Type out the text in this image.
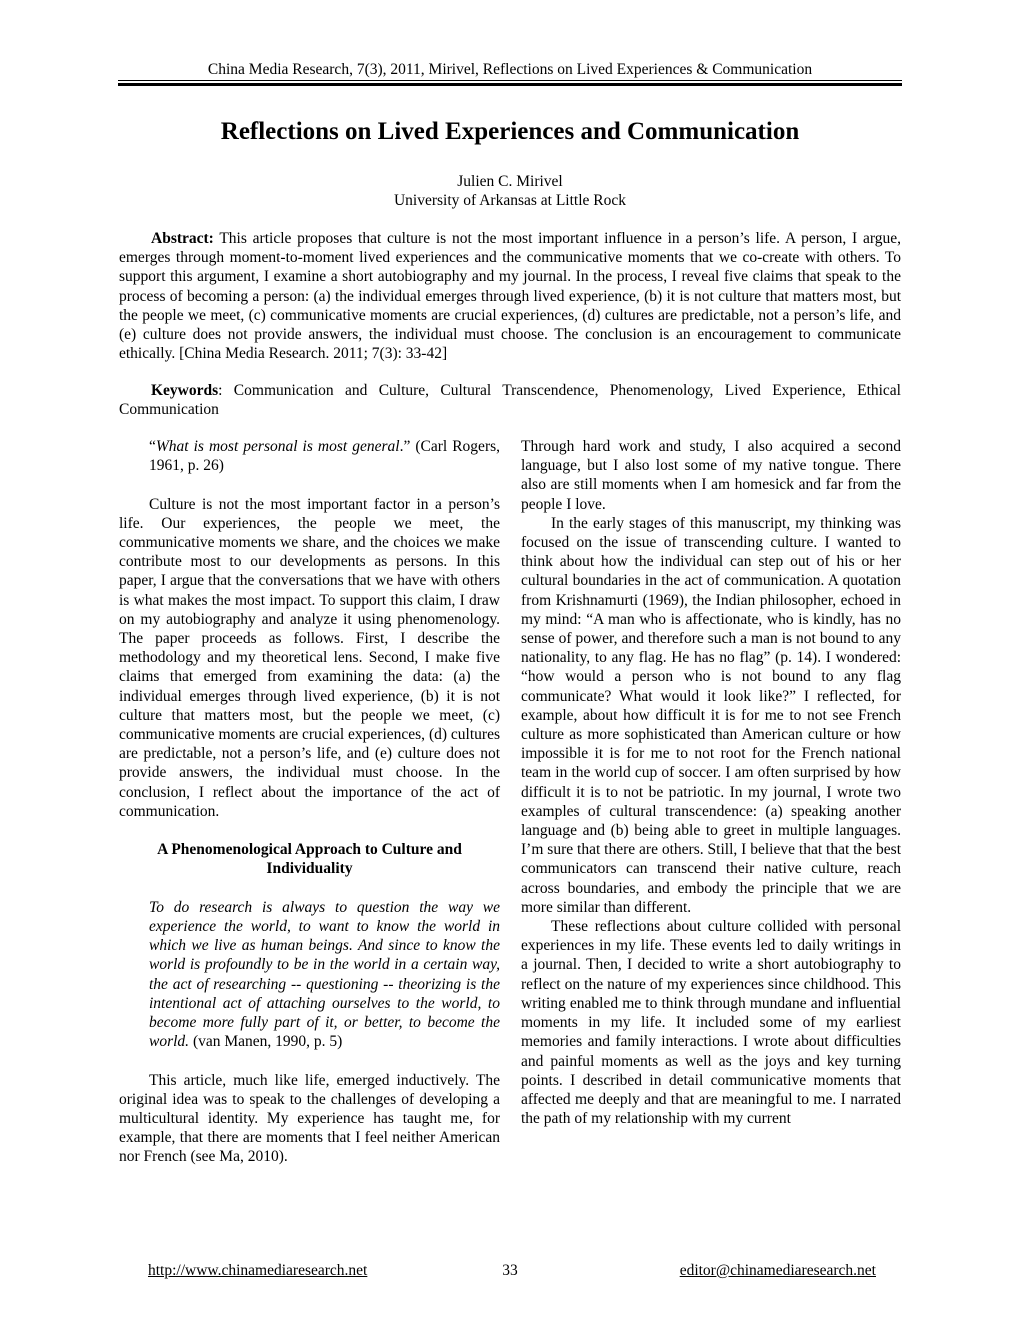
China Media Research, 7(3), 2011, Mirivel, Reflections on Lived Experiences & Communication
Reflections on Lived Experiences and Communication
Julien C. Mirivel
University of Arkansas at Little Rock
Abstract: This article proposes that culture is not the most important influence in a person’s life. A person, I argue, emerges through moment-to-moment lived experiences and the communicative moments that we co-create with others. To support this argument, I examine a short autobiography and my journal. In the process, I reveal five claims that speak to the process of becoming a person: (a) the individual emerges through lived experience, (b) it is not culture that matters most, but the people we meet, (c) communicative moments are crucial experiences, (d) cultures are predictable, not a person’s life, and (e) culture does not provide answers, the individual must choose. The conclusion is an encouragement to communicate ethically. [China Media Research. 2011; 7(3): 33-42]
Keywords: Communication and Culture, Cultural Transcendence, Phenomenology, Lived Experience, Ethical Communication

“What is most personal is most general.” (Carl Rogers, 1961, p. 26)

Culture is not the most important factor in a person’s life. Our experiences, the people we meet, the communicative moments we share, and the choices we make contribute most to our developments as persons. In this paper, I argue that the conversations that we have with others is what makes the most impact. To support this claim, I draw on my autobiography and analyze it using phenomenology. The paper proceeds as follows. First, I describe the methodology and my theoretical lens. Second, I make five claims that emerged from examining the data: (a) the individual emerges through lived experience, (b) it is not culture that matters most, but the people we meet, (c) communicative moments are crucial experiences, (d) cultures are predictable, not a person’s life, and (e) culture does not provide answers, the individual must choose. In the conclusion, I reflect about the importance of the act of communication.

A Phenomenological Approach to Culture and Individuality

To do research is always to question the way we experience the world, to want to know the world in which we live as human beings. And since to know the world is profoundly to be in the world in a certain way, the act of researching -- questioning -- theorizing is the intentional act of attaching ourselves to the world, to become more fully part of it, or better, to become the world. (van Manen, 1990, p. 5)

This article, much like life, emerged inductively. The original idea was to speak to the challenges of developing a multicultural identity. My experience has taught me, for example, that there are moments that I feel neither American nor French (see Ma, 2010).

Through hard work and study, I also acquired a second language, but I also lost some of my native tongue. There also are still moments when I am homesick and far from the people I love.

In the early stages of this manuscript, my thinking was focused on the issue of transcending culture. I wanted to think about how the individual can step out of his or her cultural boundaries in the act of communication. A quotation from Krishnamurti (1969), the Indian philosopher, echoed in my mind: “A man who is affectionate, who is kindly, has no sense of power, and therefore such a man is not bound to any nationality, to any flag. He has no flag” (p. 14). I wondered: “how would a person who is not bound to any flag communicate? What would it look like?” I reflected, for example, about how difficult it is for me to not see French culture as more sophisticated than American culture or how impossible it is for me to not root for the French national team in the world cup of soccer. I am often surprised by how difficult it is to not be patriotic. In my journal, I wrote two examples of cultural transcendence: (a) speaking another language and (b) being able to greet in multiple languages. I’m sure that there are others. Still, I believe that that the best communicators can transcend their native culture, reach across boundaries, and embody the principle that we are more similar than different.

These reflections about culture collided with personal experiences in my life. These events led to daily writings in a journal. Then, I decided to write a short autobiography to reflect on the nature of my experiences since childhood. This writing enabled me to think through mundane and influential moments in my life. It included some of my earliest memories and family interactions. I wrote about difficulties and painful moments as well as the joys and key turning points. I described in detail communicative moments that affected me deeply and that are meaningful to me. I narrated the path of my relationship with my current

http://www.chinamediaresearch.net	33	editor@chinamediaresearch.net
